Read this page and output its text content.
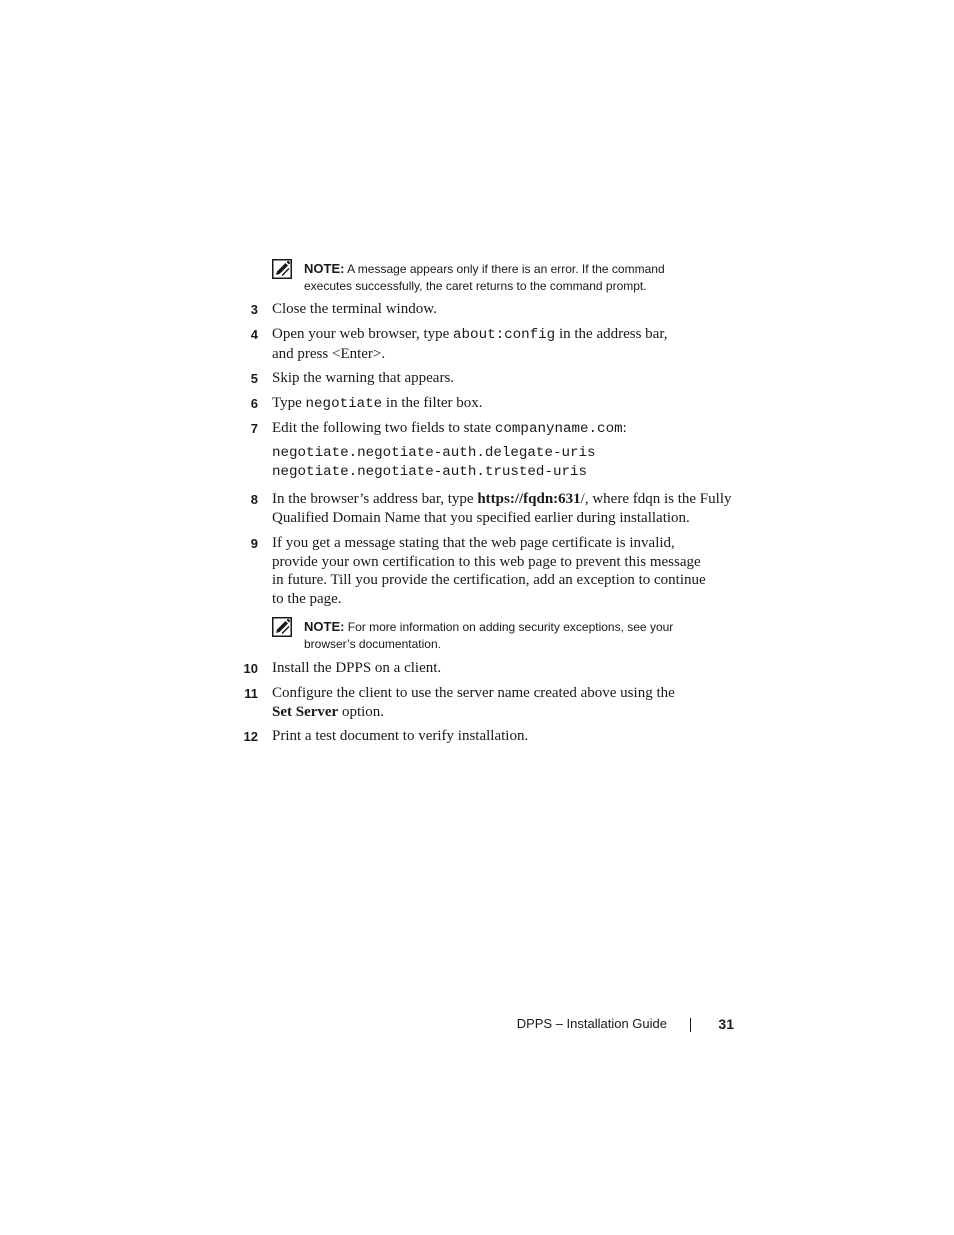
NOTE: A message appears only if there is an error. If the command
executes successfully, the caret returns to the command prompt.
3 Close the terminal window.
4 Open your web browser, type about:config in the address bar,
and press <Enter>.
5 Skip the warning that appears.
6 Type negotiate in the filter box.
7 Edit the following two fields to state companyname.com:
negotiate.negotiate-auth.delegate-uris
negotiate.negotiate-auth.trusted-uris
8 In the browser’s address bar, type https://fqdn:631/, where fdqn is the Fully
Qualified Domain Name that you specified earlier during installation.
9 If you get a message stating that the web page certificate is invalid,
provide your own certification to this web page to prevent this message
in future. Till you provide the certification, add an exception to continue
to the page.
NOTE: For more information on adding security exceptions, see your
browser’s documentation.
10 Install the DPPS on a client.
11 Configure the client to use the server name created above using the
Set Server option.
12 Print a test document to verify installation.
DPPS – Installation Guide	31
